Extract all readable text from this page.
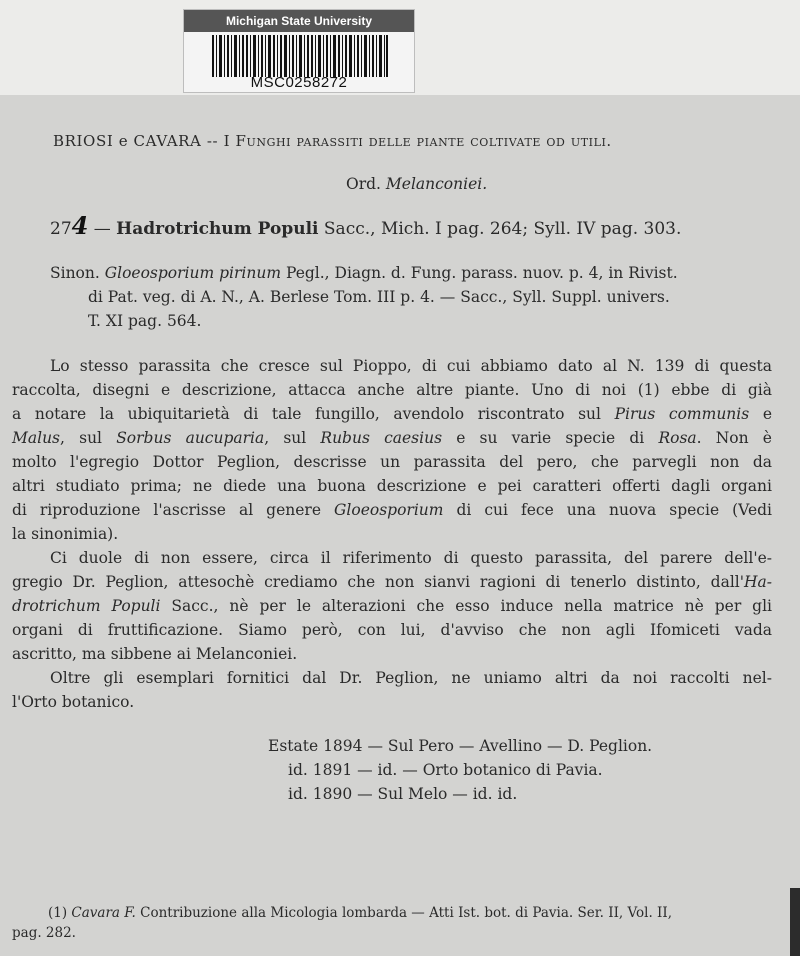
Michigan State University
MSC0258272
BRIOSI e CAVARA -- I Funghi parassiti delle piante coltivate od utili.
Ord. Melanconiei.
274 — Hadrotrichum Populi Sacc., Mich. I pag. 264; Syll. IV pag. 303.
Sinon. Gloeosporium pirinum Pegl., Diagn. d. Fung. parass. nuov. p. 4, in Rivist.
di Pat. veg. di A. N., A. Berlese Tom. III p. 4. — Sacc., Syll. Suppl. univers.
T. XI pag. 564.
Lo stesso parassita che cresce sul Pioppo, di cui abbiamo dato al N. 139 di questa
raccolta, disegni e descrizione, attacca anche altre piante. Uno di noi (1) ebbe di già
a notare la ubiquitarietà di tale fungillo, avendolo riscontrato sul Pirus communis e
Malus, sul Sorbus aucuparia, sul Rubus caesius e su varie specie di Rosa. Non è
molto l'egregio Dottor Peglion, descrisse un parassita del pero, che parvegli non da
altri studiato prima; ne diede una buona descrizione e pei caratteri offerti dagli organi
di riproduzione l'ascrisse al genere Gloeosporium di cui fece una nuova specie (Vedi
la sinonimia).
Ci duole di non essere, circa il riferimento di questo parassita, del parere dell'e-
gregio Dr. Peglion, attesochè crediamo che non sianvi ragioni di tenerlo distinto, dall'Ha-
drotrichum Populi Sacc., nè per le alterazioni che esso induce nella matrice nè per gli
organi di fruttificazione. Siamo però, con lui, d'avviso che non agli Ifomiceti vada
ascritto, ma sibbene ai Melanconiei.
Oltre gli esemplari fornitici dal Dr. Peglion, ne uniamo altri da noi raccolti nel-
l'Orto botanico.
Estate 1894 — Sul Pero — Avellino — D. Peglion.
id. 1891 — id. — Orto botanico di Pavia.
id. 1890 — Sul Melo — id. id.
(1) Cavara F. Contribuzione alla Micologia lombarda — Atti Ist. bot. di Pavia. Ser. II, Vol. II,
pag. 282.
